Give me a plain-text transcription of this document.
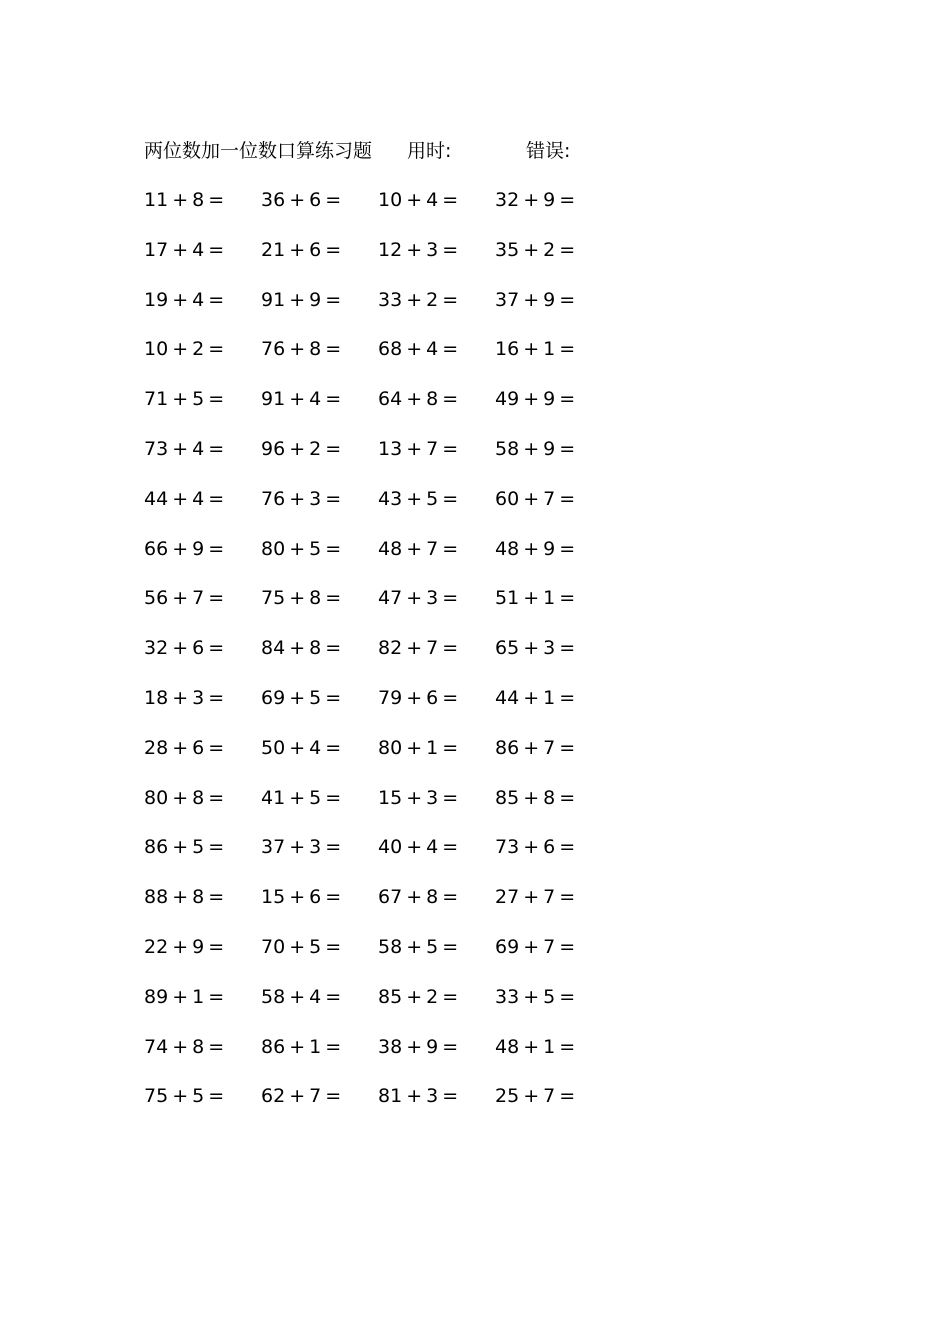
两位数加一位数口算练习题 用时:	错误:
11 + 8 = 36 + 6 = 10 + 4 = 32 + 9 =
17 + 4 = 21 + 6 = 12 + 3 = 35 + 2 =
19 + 4 = 91 + 9 = 33 + 2 = 37 + 9 =
10 + 2 = 76 + 8 = 68 + 4 = 16 + 1 =
71 + 5 = 91 + 4 = 64 + 8 = 49 + 9 =
73 + 4 = 96 + 2 = 13 + 7 = 58 + 9 =
44 + 4 = 76 + 3 = 43 + 5 = 60 + 7 =
66 + 9 = 80 + 5 = 48 + 7 = 48 + 9 =
56 + 7 = 75 + 8 = 47 + 3 = 51 + 1 =
32 + 6 = 84 + 8 = 82 + 7 = 65 + 3 =
18 + 3 = 69 + 5 = 79 + 6 = 44 + 1 =
28 + 6 = 50 + 4 = 80 + 1 = 86 + 7 =
80 + 8 = 41 + 5 = 15 + 3 = 85 + 8 =
86 + 5 = 37 + 3 = 40 + 4 = 73 + 6 =
88 + 8 = 15 + 6 = 67 + 8 = 27 + 7 =
22 + 9 = 70 + 5 = 58 + 5 = 69 + 7 =
89 + 1 = 58 + 4 = 85 + 2 = 33 + 5 =
74 + 8 = 86 + 1 = 38 + 9 = 48 + 1 =
75 + 5 = 62 + 7 = 81 + 3 = 25 + 7 =
